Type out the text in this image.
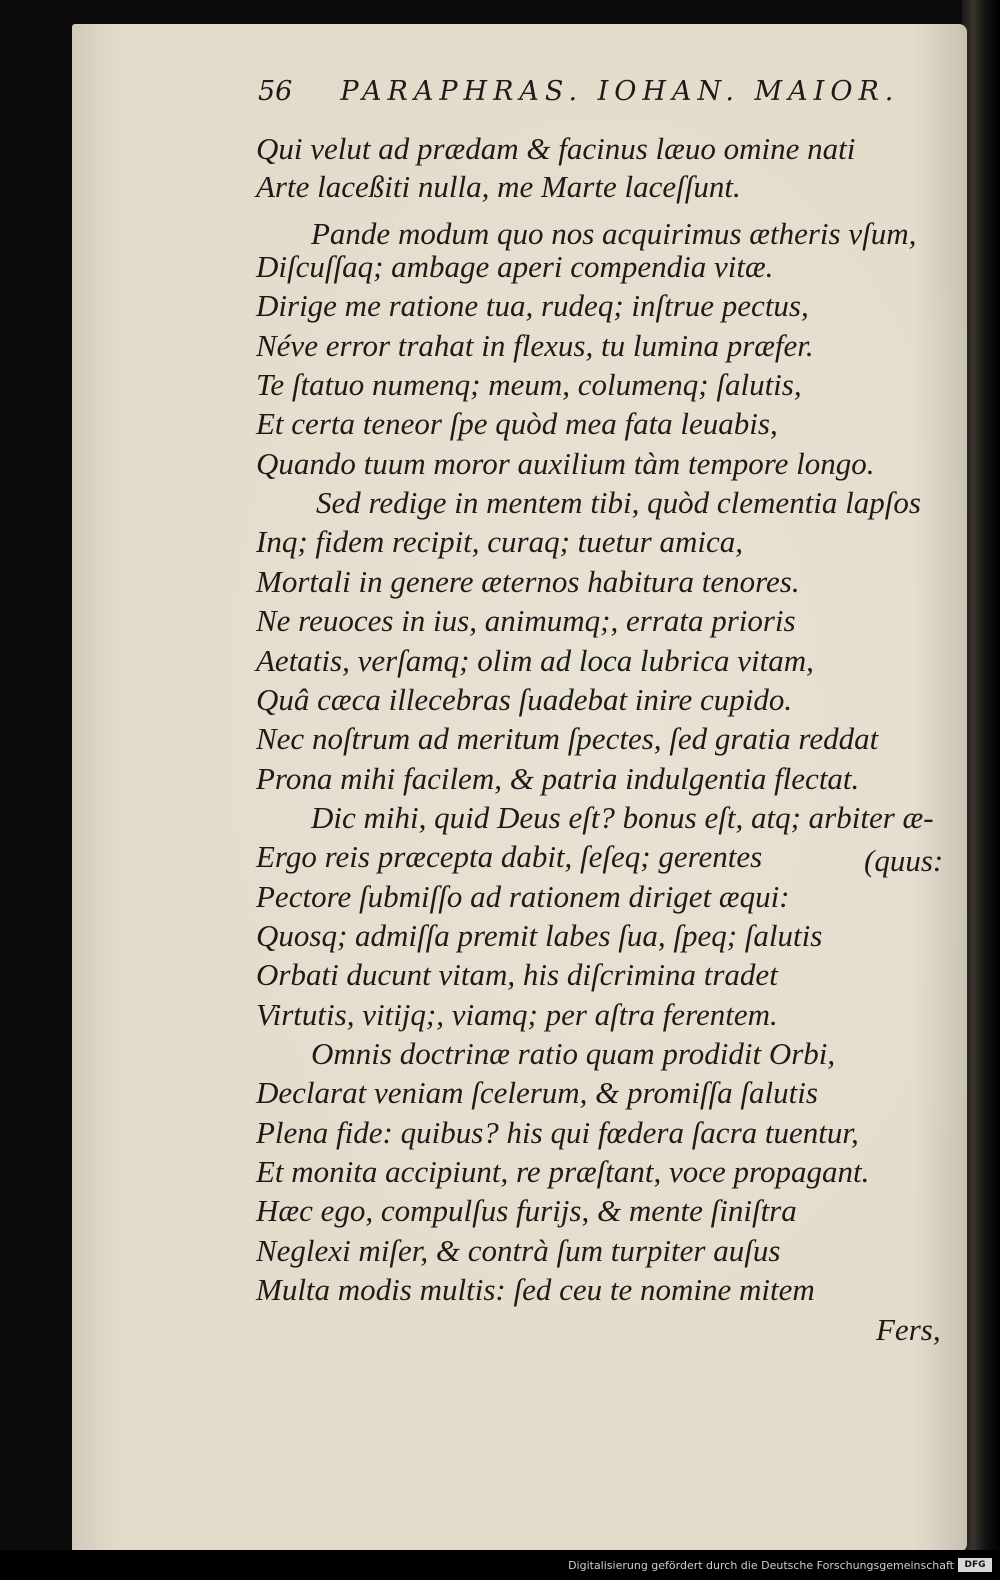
56 PARAPHRAS. IOHAN. MAIOR.
Qui velut ad prædam & facinus læuo omine nati
Arte laceßiti nulla, me Marte laceſſunt.
Pande modum quo nos acquirimus ætheris vſum,
Diſcuſſaq; ambage aperi compendia vitæ.
Dirige me ratione tua, rudeq; inſtrue pectus,
Néve error trahat in flexus, tu lumina præfer.
Te ſtatuo numenq; meum, columenq; ſalutis,
Et certa teneor ſpe quòd mea fata leuabis,
Quando tuum moror auxilium tàm tempore longo.
Sed redige in mentem tibi, quòd clementia lapſos
Inq; fidem recipit, curaq; tuetur amica,
Mortali in genere æternos habitura tenores.
Ne reuoces in ius, animumq;, errata prioris
Aetatis, verſamq; olim ad loca lubrica vitam,
Quâ cæca illecebras ſuadebat inire cupido.
Nec noſtrum ad meritum ſpectes, ſed gratia reddat
Prona mihi facilem, & patria indulgentia flectat.
Dic mihi, quid Deus eſt? bonus eſt, atq; arbiter æ-
Ergo reis præcepta dabit, ſeſeq; gerentes	(quus:
Pectore ſubmiſſo ad rationem diriget æqui:
Quosq; admiſſa premit labes ſua, ſpeq; ſalutis
Orbati ducunt vitam, his diſcrimina tradet
Virtutis, vitijq;, viamq; per aſtra ferentem.
Omnis doctrinæ ratio quam prodidit Orbi,
Declarat veniam ſcelerum, & promiſſa ſalutis
Plena fide: quibus? his qui fœdera ſacra tuentur,
Et monita accipiunt, re præſtant, voce propagant.
Hæc ego, compulſus furijs, & mente ſiniſtra
Neglexi miſer, & contrà ſum turpiter auſus
Multa modis multis: ſed ceu te nomine mitem
Fers,
Digitalisierung gefördert durch die Deutsche Forschungsgemeinschaft	DFG
